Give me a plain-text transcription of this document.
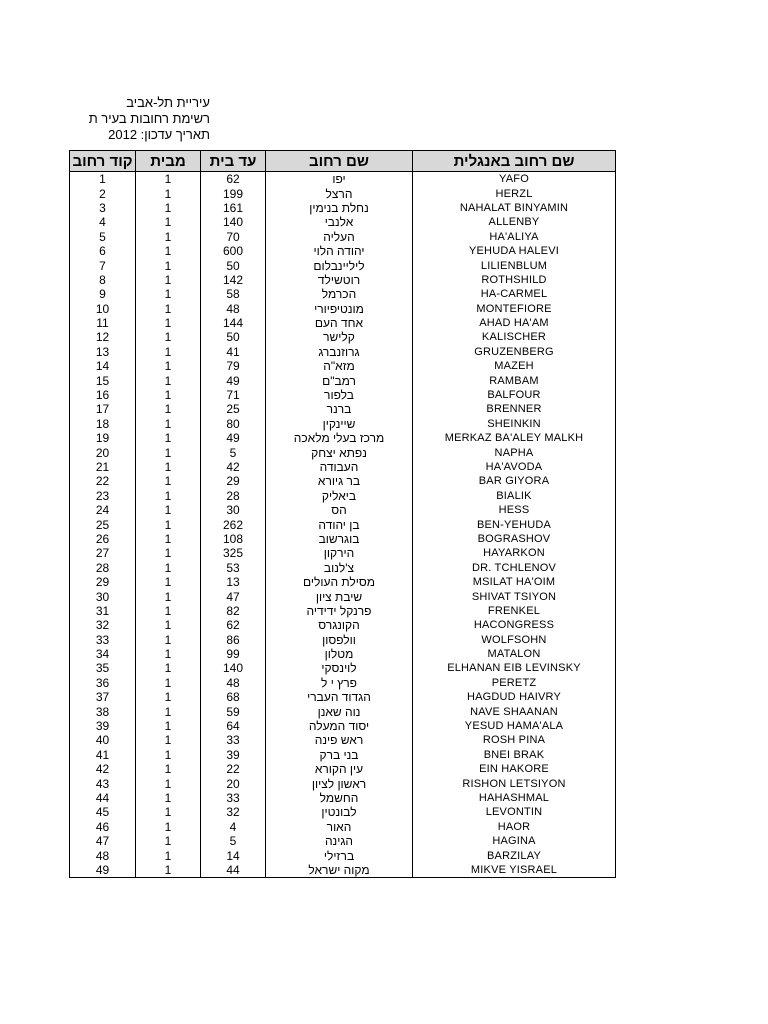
עיריית תל-אביב
רשימת רחובות בעיר ת
תאריך עדכון: 2012
קוד רחוב	מבית	עד בית	שם רחוב	שם רחוב באנגלית
1	1	62	יפו	YAFO
2	1	199	הרצל	HERZL
3	1	161	נחלת בנימין	NAHALAT BINYAMIN
4	1	140	אלנבי	ALLENBY
5	1	70	העליה	HA'ALIYA
6	1	600	יהודה הלוי	YEHUDA HALEVI
7	1	50	ליליינבלום	LILIENBLUM
8	1	142	רוטשילד	ROTHSHILD
9	1	58	הכרמל	HA-CARMEL
10	1	48	מונטיפיורי	MONTEFIORE
11	1	144	אחד העם	AHAD HA'AM
12	1	50	קלישר	KALISCHER
13	1	41	גרוזנברג	GRUZENBERG
14	1	79	מזא"ה	MAZEH
15	1	49	רמב"ם	RAMBAM
16	1	71	בלפור	BALFOUR
17	1	25	ברנר	BRENNER
18	1	80	שיינקין	SHEINKIN
19	1	49	מרכז בעלי מלאכה	MERKAZ BA'ALEY MALKH
20	1	5	נפתא יצחק	NAPHA
21	1	42	העבודה	HA'AVODA
22	1	29	בר גיורא	BAR GIYORA
23	1	28	ביאליק	BIALIK
24	1	30	הס	HESS
25	1	262	בן יהודה	BEN-YEHUDA
26	1	108	בוגרשוב	BOGRASHOV
27	1	325	הירקון	HAYARKON
28	1	53	צ'לנוב	DR. TCHLENOV
29	1	13	מסילת העולים	MSILAT HA'OIM
30	1	47	שיבת ציון	SHIVAT TSIYON
31	1	82	פרנקל ידידיה	FRENKEL
32	1	62	הקונגרס	HACONGRESS
33	1	86	וולפסון	WOLFSOHN
34	1	99	מטלון	MATALON
35	1	140	לוינסקי	ELHANAN EIB LEVINSKY
36	1	48	פרץ י ל	PERETZ
37	1	68	הגדוד העברי	HAGDUD HAIVRY
38	1	59	נוה שאנן	NAVE SHAANAN
39	1	64	יסוד המעלה	YESUD HAMA'ALA
40	1	33	ראש פינה	ROSH PINA
41	1	39	בני ברק	BNEI BRAK
42	1	22	עין הקורא	EIN HAKORE
43	1	20	ראשון לציון	RISHON LETSIYON
44	1	33	החשמל	HAHASHMAL
45	1	32	לבונטין	LEVONTIN
46	1	4	האור	HAOR
47	1	5	הגינה	HAGINA
48	1	14	ברזילי	BARZILAY
49	1	44	מקוה ישראל	MIKVE YISRAEL
